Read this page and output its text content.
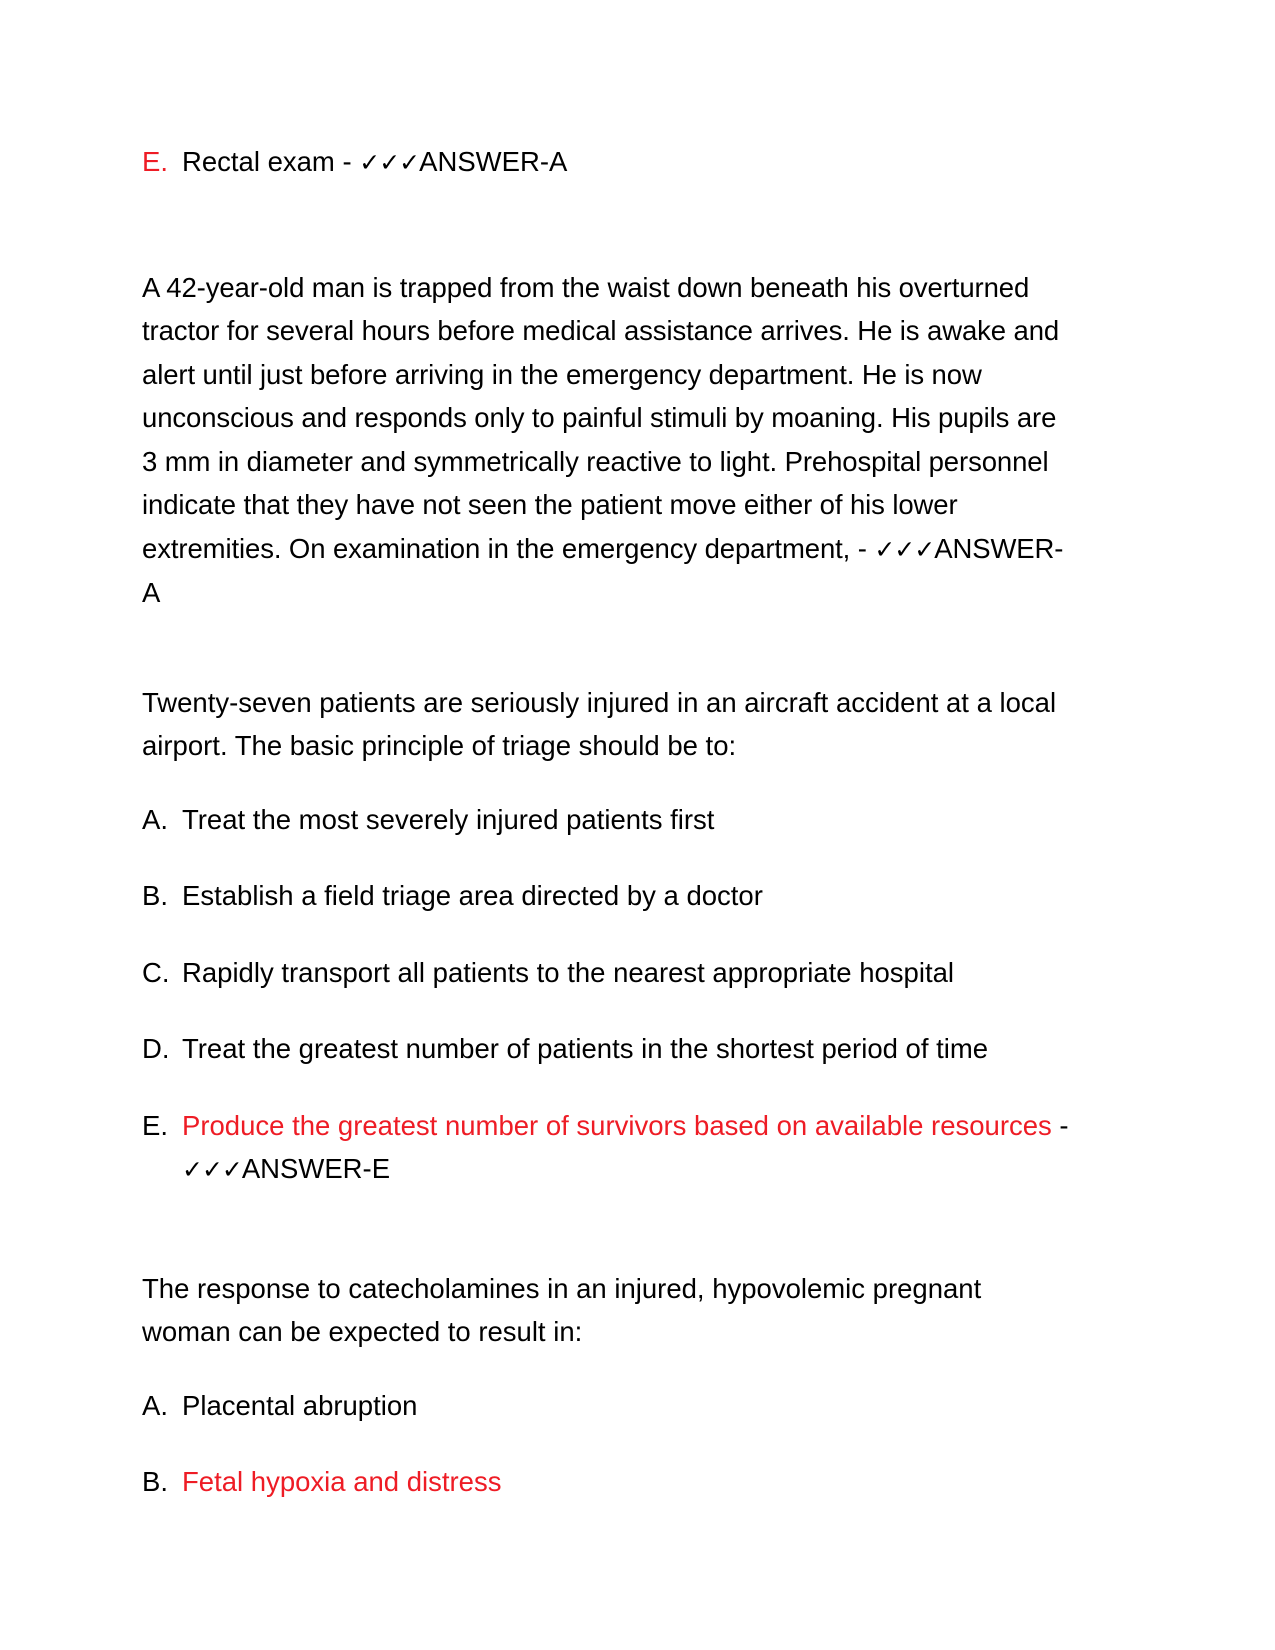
E. Rectal exam - ✓✓✓ANSWER-A

A 42-year-old man is trapped from the waist down beneath his overturned tractor for several hours before medical assistance arrives. He is awake and alert until just before arriving in the emergency department. He is now unconscious and responds only to painful stimuli by moaning. His pupils are 3 mm in diameter and symmetrically reactive to light. Prehospital personnel indicate that they have not seen the patient move either of his lower extremities. On examination in the emergency department, - ✓✓✓ANSWER-A

Twenty-seven patients are seriously injured in an aircraft accident at a local airport. The basic principle of triage should be to:

A. Treat the most severely injured patients first
B. Establish a field triage area directed by a doctor
C. Rapidly transport all patients to the nearest appropriate hospital
D. Treat the greatest number of patients in the shortest period of time
E. Produce the greatest number of survivors based on available resources - ✓✓✓ANSWER-E

The response to catecholamines in an injured, hypovolemic pregnant woman can be expected to result in:

A. Placental abruption
B. Fetal hypoxia and distress
